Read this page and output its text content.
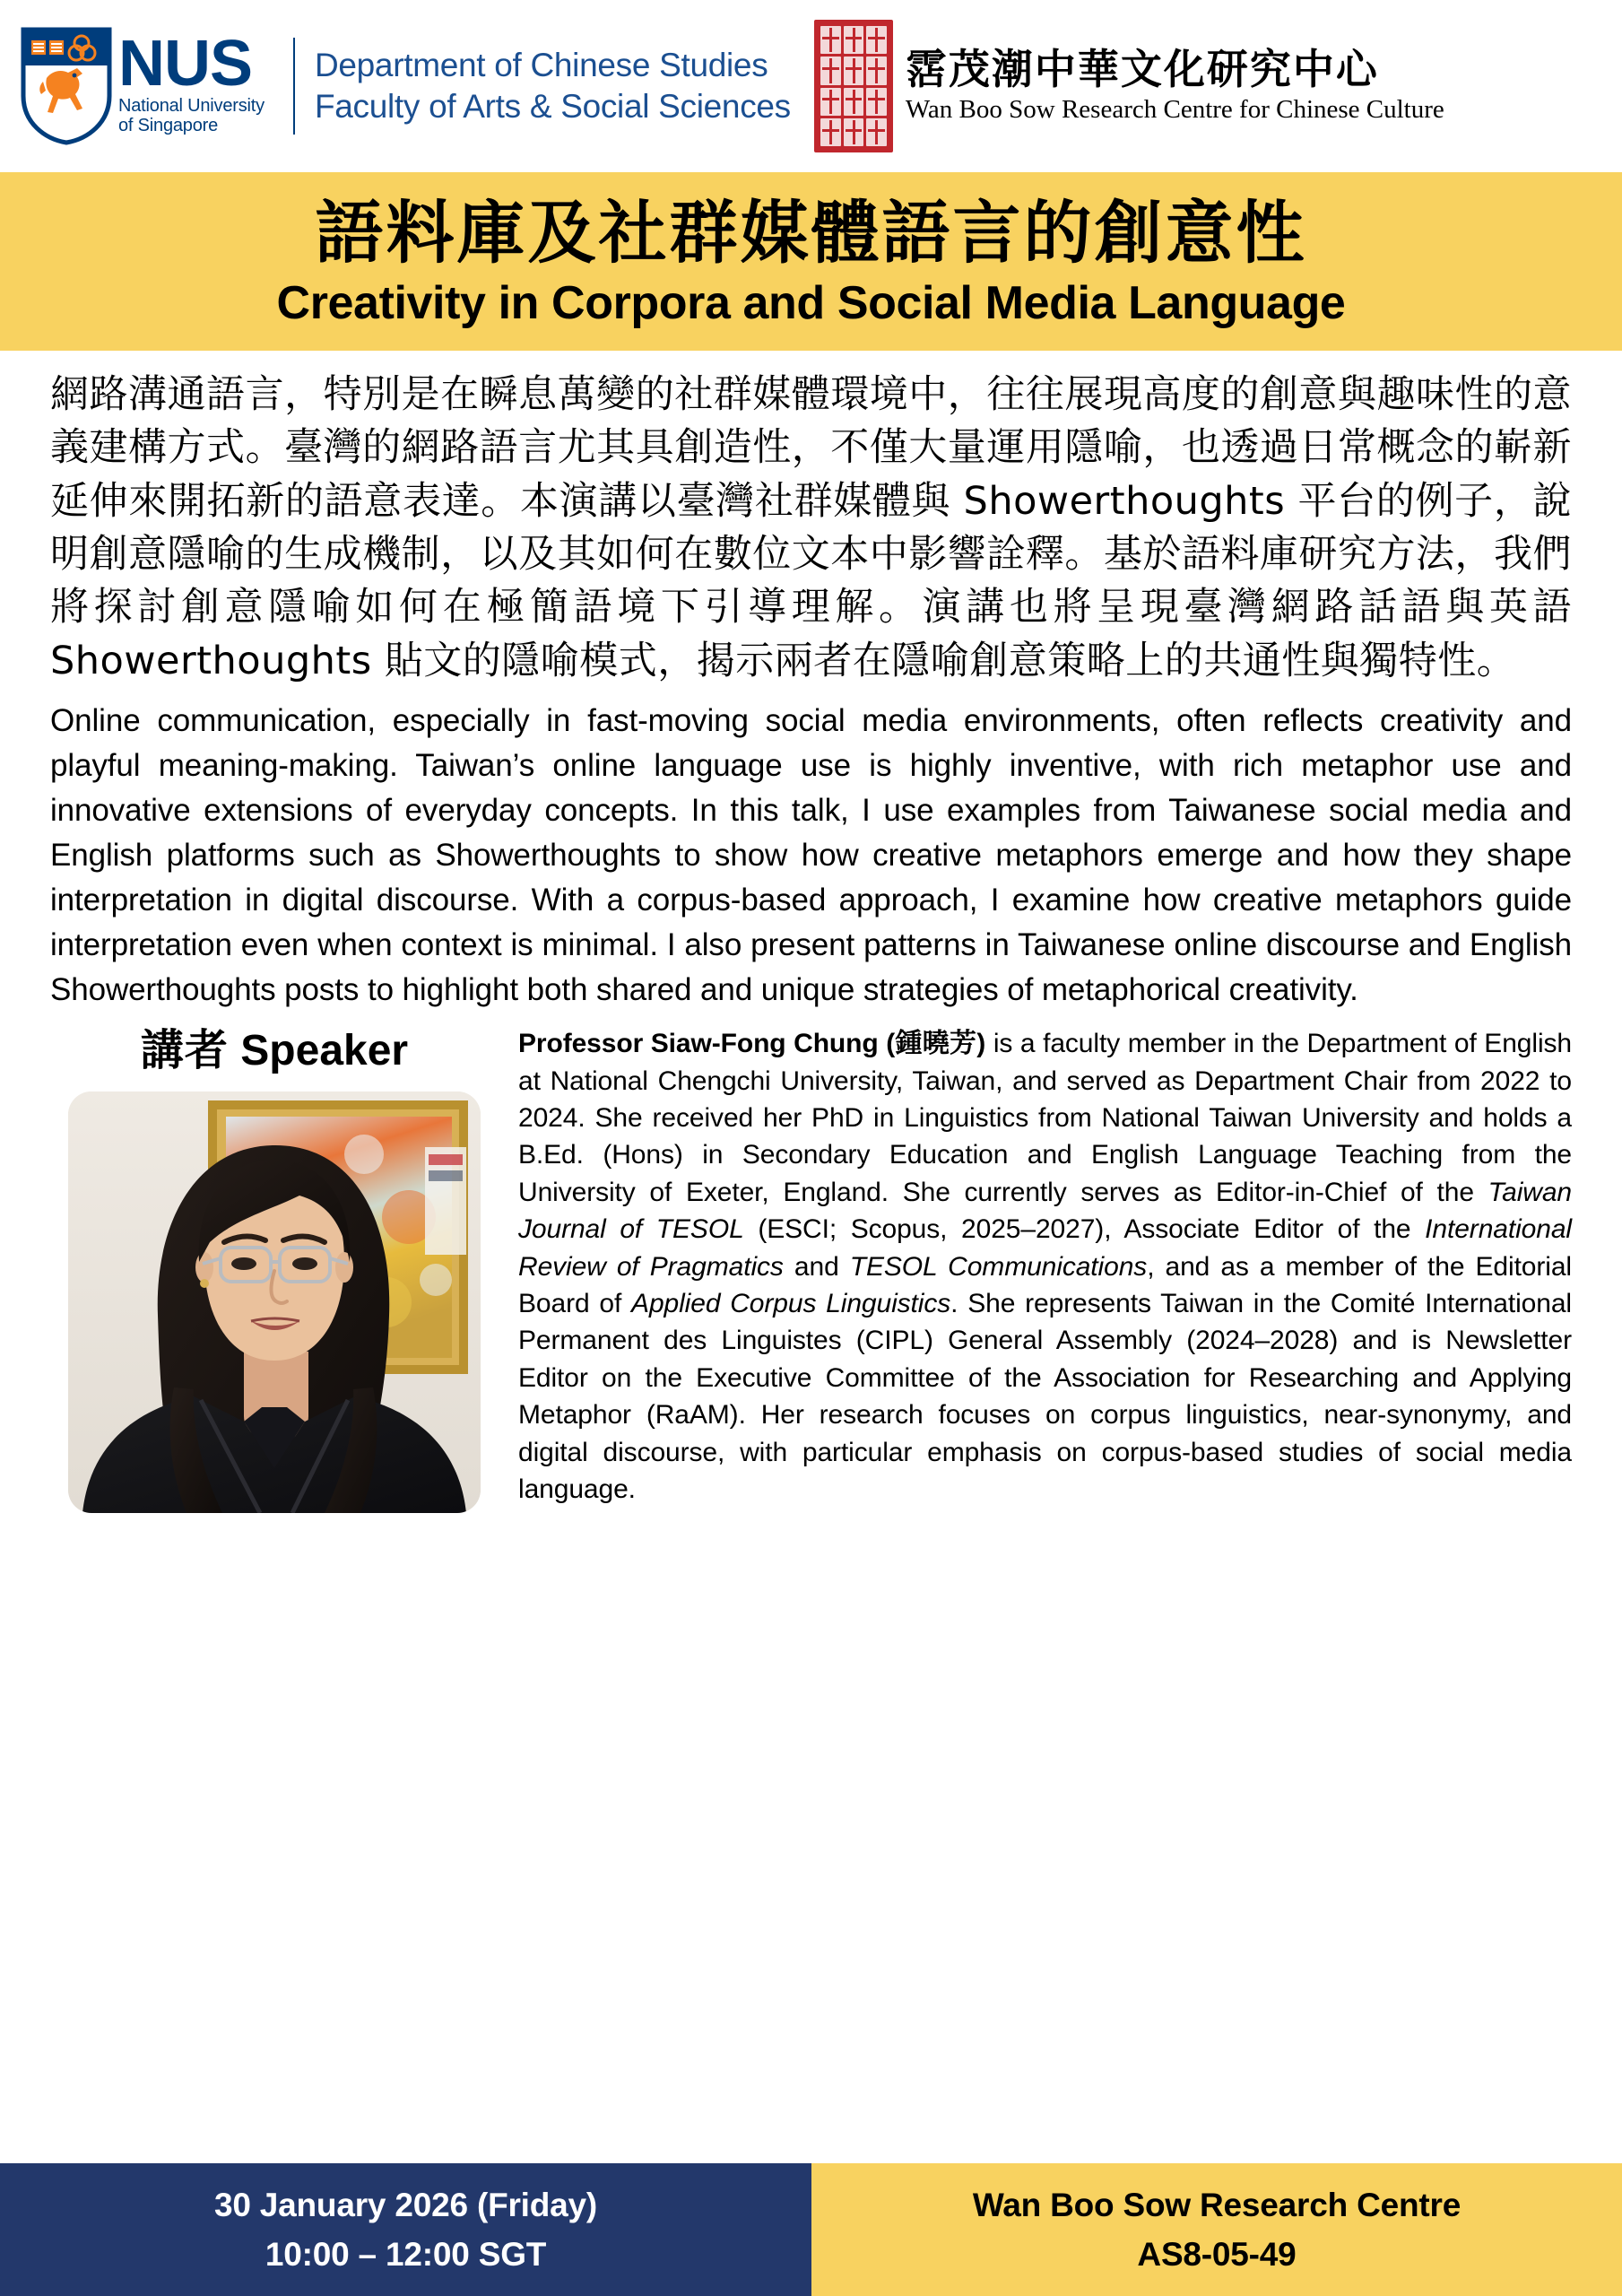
NUS
National University
of Singapore
Department of Chinese Studies
Faculty of Arts & Social Sciences
霑茂潮中華文化研究中心
Wan Boo Sow Research Centre for Chinese Culture
語料庫及社群媒體語言的創意性
Creativity in Corpora and Social Media Language
網路溝通語言，特別是在瞬息萬變的社群媒體環境中，往往展現高度的創意與趣味性的意義建構方式。臺灣的網路語言尤其具創造性，不僅大量運用隱喻，也透過日常概念的嶄新延伸來開拓新的語意表達。本演講以臺灣社群媒體與 Showerthoughts 平台的例子，說明創意隱喻的生成機制，以及其如何在數位文本中影響詮釋。基於語料庫研究方法，我們將探討創意隱喻如何在極簡語境下引導理解。演講也將呈現臺灣網路話語與英語 Showerthoughts 貼文的隱喻模式，揭示兩者在隱喻創意策略上的共通性與獨特性。
Online communication, especially in fast-moving social media environments, often reflects creativity and playful meaning-making. Taiwan’s online language use is highly inventive, with rich metaphor use and innovative extensions of everyday concepts. In this talk, I use examples from Taiwanese social media and English platforms such as Showerthoughts to show how creative metaphors emerge and how they shape interpretation in digital discourse. With a corpus-based approach, I examine how creative metaphors guide interpretation even when context is minimal. I also present patterns in Taiwanese online discourse and English Showerthoughts posts to highlight both shared and unique strategies of metaphorical creativity.
講者 Speaker	Professor Siaw-Fong Chung (鍾曉芳) is a faculty member in the Department of English at National Chengchi University, Taiwan, and served as Department Chair from 2022 to 2024. She received her PhD in Linguistics from National Taiwan University and holds a B.Ed. (Hons) in Secondary Education and English Language Teaching from the University of Exeter, England. She currently serves as Editor-in-Chief of the Taiwan Journal of TESOL (ESCI; Scopus, 2025–2027), Associate Editor of the International Review of Pragmatics and TESOL Communications, and as a member of the Editorial Board of Applied Corpus Linguistics. She represents Taiwan in the Comité International Permanent des Linguistes (CIPL) General Assembly (2024–2028) and is Newsletter Editor on the Executive Committee of the Association for Researching and Applying Metaphor (RaAM). Her research focuses on corpus linguistics, near-synonymy, and digital discourse, with particular emphasis on corpus-based studies of social media language.
30 January 2026 (Friday)
10:00 – 12:00 SGT
Wan Boo Sow Research Centre
AS8-05-49
